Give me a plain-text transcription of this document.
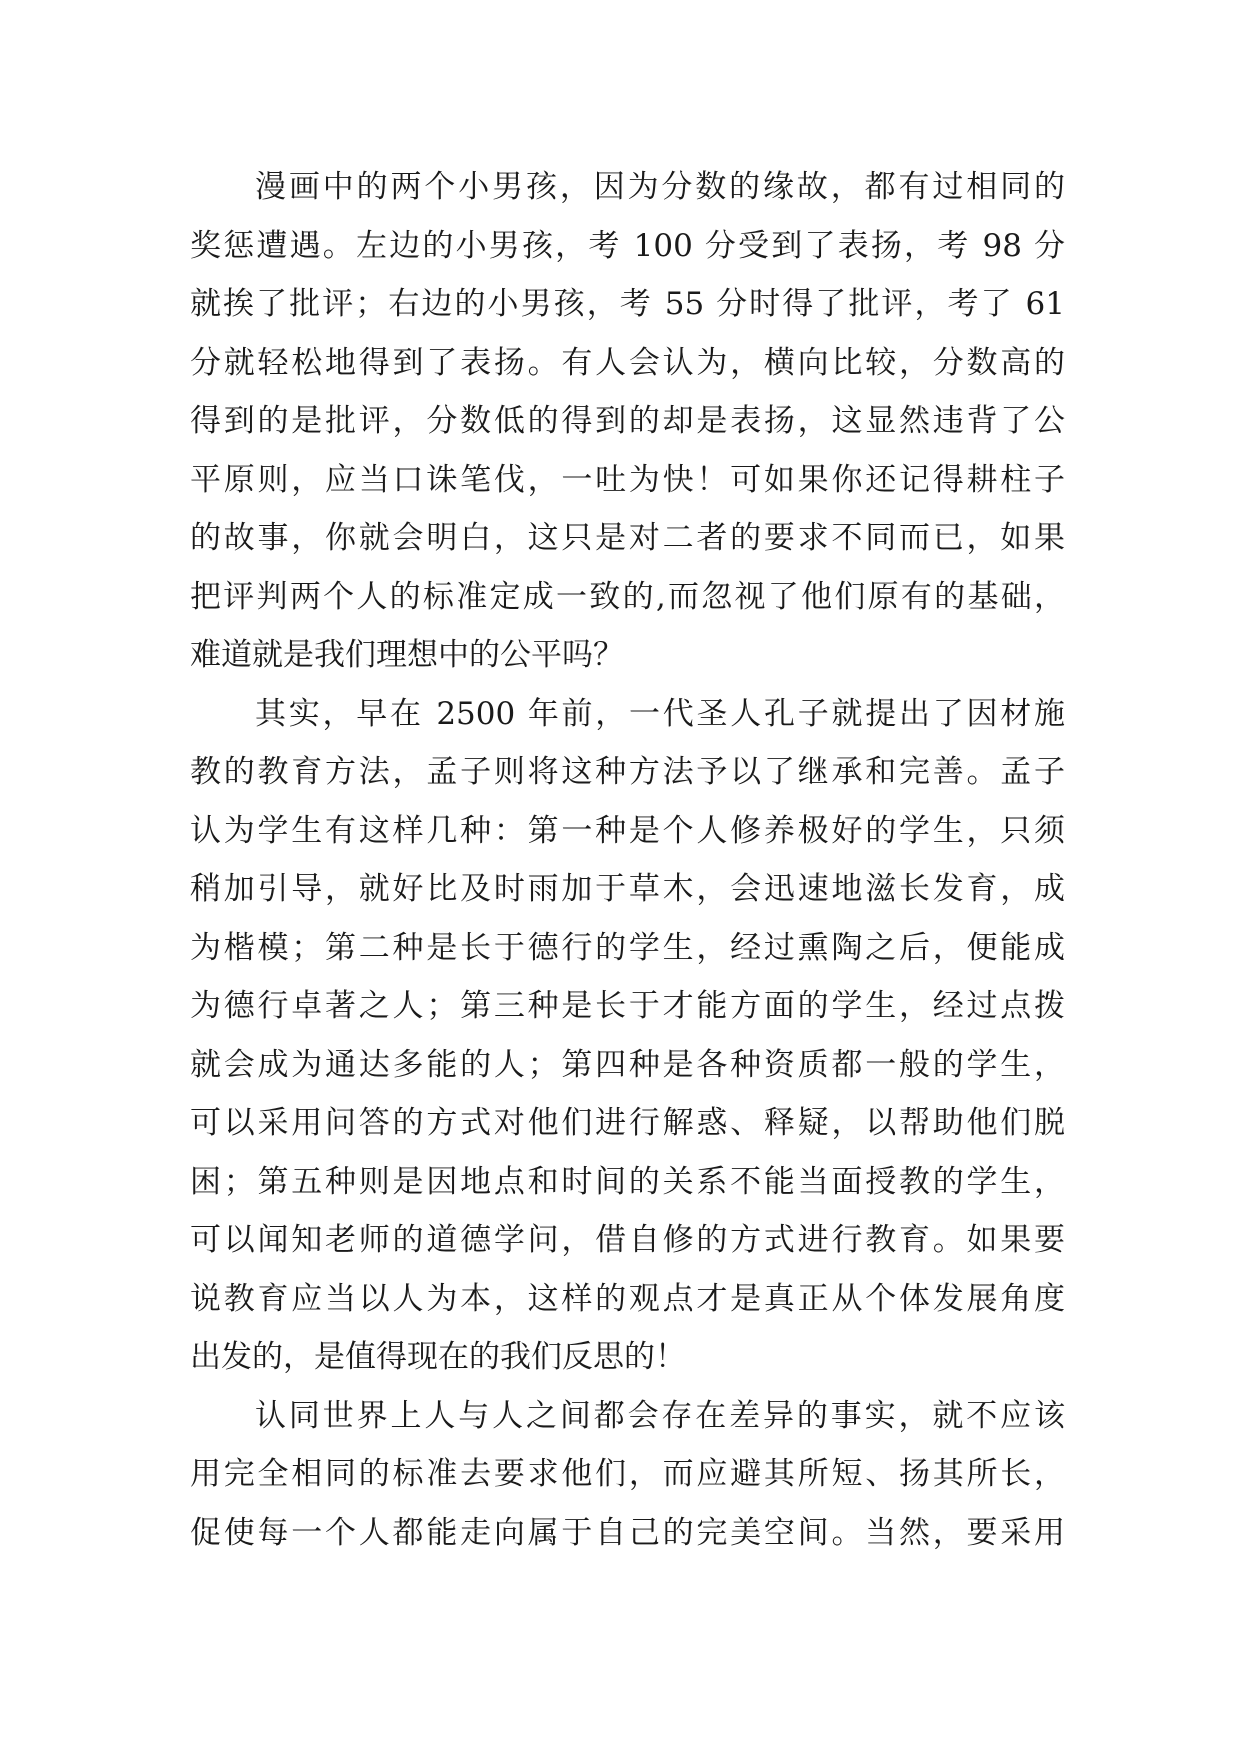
漫画中的两个小男孩，因为分数的缘故，都有过相同的
奖惩遭遇。左边的小男孩，考 100 分受到了表扬，考 98 分
就挨了批评；右边的小男孩，考 55 分时得了批评，考了 61
分就轻松地得到了表扬。有人会认为，横向比较，分数高的
得到的是批评，分数低的得到的却是表扬，这显然违背了公
平原则，应当口诛笔伐，一吐为快！可如果你还记得耕柱子
的故事，你就会明白，这只是对二者的要求不同而已，如果
把评判两个人的标准定成一致的,而忽视了他们原有的基础，
难道就是我们理想中的公平吗？
其实，早在 2500 年前，一代圣人孔子就提出了因材施
教的教育方法，孟子则将这种方法予以了继承和完善。孟子
认为学生有这样几种：第一种是个人修养极好的学生，只须
稍加引导，就好比及时雨加于草木，会迅速地滋长发育，成
为楷模；第二种是长于德行的学生，经过熏陶之后，便能成
为德行卓著之人；第三种是长于才能方面的学生，经过点拨
就会成为通达多能的人；第四种是各种资质都一般的学生，
可以采用问答的方式对他们进行解惑、释疑，以帮助他们脱
困；第五种则是因地点和时间的关系不能当面授教的学生，
可以闻知老师的道德学问，借自修的方式进行教育。如果要
说教育应当以人为本，这样的观点才是真正从个体发展角度
出发的，是值得现在的我们反思的！
认同世界上人与人之间都会存在差异的事实，就不应该
用完全相同的标准去要求他们，而应避其所短、扬其所长，
促使每一个人都能走向属于自己的完美空间。当然，要采用
